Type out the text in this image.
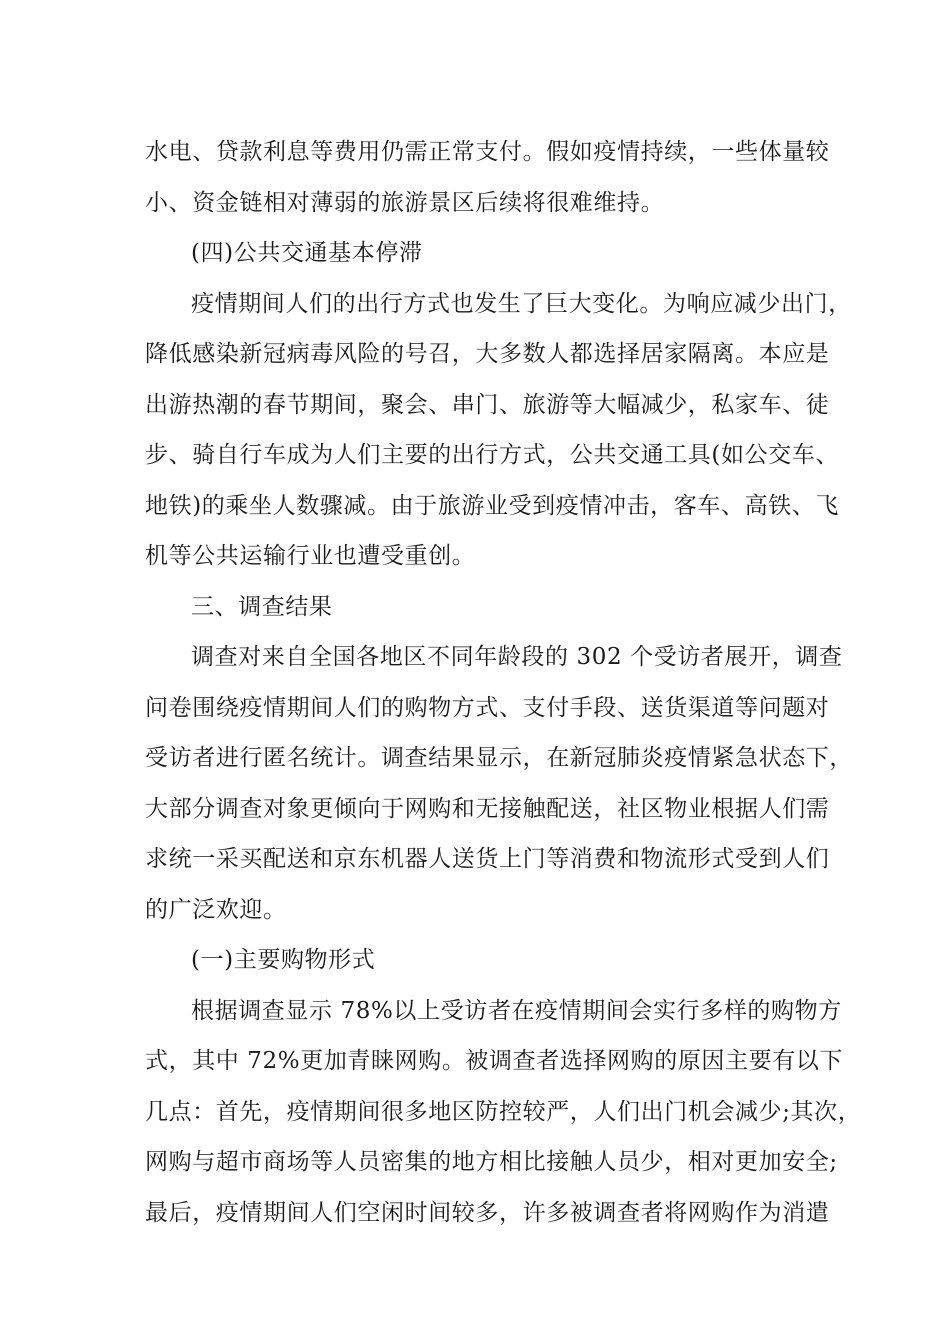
水电、贷款利息等费用仍需正常支付。假如疫情持续，一些体量较
小、资金链相对薄弱的旅游景区后续将很难维持。
(四)公共交通基本停滞
疫情期间人们的出行方式也发生了巨大变化。为响应减少出门，
降低感染新冠病毒风险的号召，大多数人都选择居家隔离。本应是
出游热潮的春节期间，聚会、串门、旅游等大幅减少，私家车、徒
步、骑自行车成为人们主要的出行方式，公共交通工具(如公交车、
地铁)的乘坐人数骤减。由于旅游业受到疫情冲击，客车、高铁、飞
机等公共运输行业也遭受重创。
三、调查结果
调查对来自全国各地区不同年龄段的 302 个受访者展开，调查
问卷围绕疫情期间人们的购物方式、支付手段、送货渠道等问题对
受访者进行匿名统计。调查结果显示，在新冠肺炎疫情紧急状态下，
大部分调查对象更倾向于网购和无接触配送，社区物业根据人们需
求统一采买配送和京东机器人送货上门等消费和物流形式受到人们
的广泛欢迎。
(一)主要购物形式
根据调查显示 78%以上受访者在疫情期间会实行多样的购物方
式，其中 72%更加青睐网购。被调查者选择网购的原因主要有以下
几点：首先，疫情期间很多地区防控较严，人们出门机会减少;其次，
网购与超市商场等人员密集的地方相比接触人员少，相对更加安全;
最后，疫情期间人们空闲时间较多，许多被调查者将网购作为消遣
